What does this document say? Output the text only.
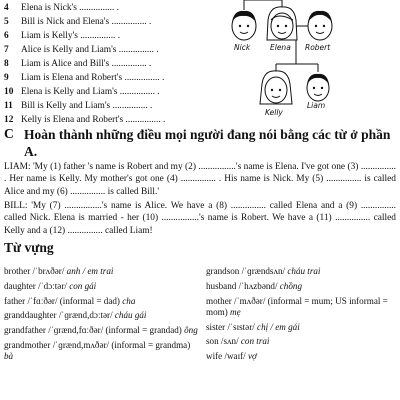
4 Elena is Nick's ............... .
5 Bill is Nick and Elena's ............... .
6 Liam is Kelly's ............... .
7 Alice is Kelly and Liam's ............... .
8 Liam is Alice and Bill's ............... .
9 Liam is Elena and Robert's ............... .
10 Elena is Kelly and Liam's ............... .
11 Bill is Kelly and Liam's ............... .
12 Kelly is Elena and Robert's ............... .
Nick	Elena Robert
Kelly
Liam
C Hoàn thành những điều mọi người đang nói bằng các từ ở phần A.
LIAM: 'My (1) father 's name is Robert and my (2) ................'s name is Elena. I've got one (3) ............... . Her name is Kelly. My mother's got one (4) ............... . His name is Nick. My (5) ............... is called Alice and my (6) ............... is called Bill.'
BILL: 'My (7) ................'s name is Alice. We have a (8) ............... called Elena and a (9) ............... called Nick. Elena is married - her (10) ................'s name is Robert. We have a (11) ............... called Kelly and a (12) ............... called Liam!
Từ vựng
brother /ˈbrʌðər/ anh / em trai
daughter /ˈdɔːtər/ con gái
father /ˈfɑːðər/ (informal = dad) cha
granddaughter /ˈɡrænd,dɔːtər/ cháu gái
grandfather /ˈɡrænd,fɑːðər/ (informal = grandad) ông
grandmother /ˈɡrænd,mʌðər/ (informal = grandma) bà
grandson /ˈɡrændsʌn/ cháu trai
husband /ˈhʌzbənd/ chồng
mother /ˈmʌðər/ (informal = mum; US informal = mom) mẹ
sister /ˈsɪstər/ chị / em gái
son /sʌn/ con trai
wife /waɪf/ vợ
